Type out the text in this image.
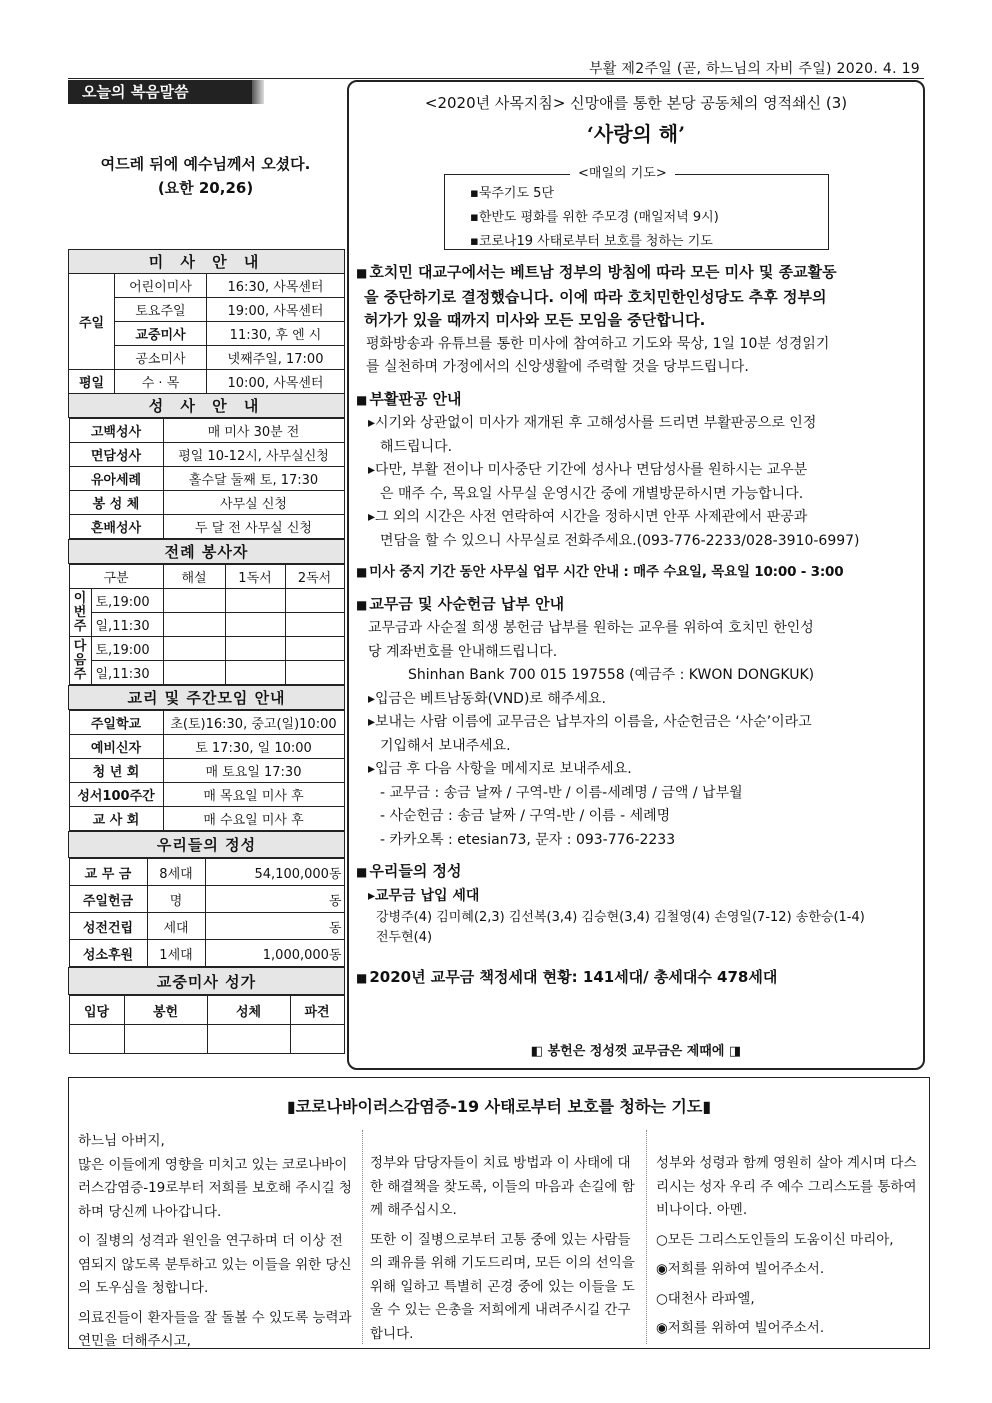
부활 제2주일 (곧, 하느님의 자비 주일) 2020. 4. 19
오늘의 복음말씀
여드레 뒤에 예수님께서 오셨다.
(요한 20,26)
미 사 안 내
주일	어린이미사	16:30, 사목센터
토요주일	19:00, 사목센터
교중미사	11:30, 후 엔 시
공소미사	넷째주일, 17:00
평일	수 · 목	10:00, 사목센터
성 사 안 내

고백성사	매 미사 30분 전
면담성사	평일 10-12시, 사무실신청
유아세례	홀수달 둘째 토, 17:30
봉 성 체	사무실 신청
혼배성사	두 달 전 사무실 신청

전례 봉사자

구분	해설	1독서	2독서
이번주	토,19:00			
일,11:30			
다음주	토,19:00			
일,11:30			

교리 및 주간모임 안내

주일학교	초(토)16:30, 중고(일)10:00
예비신자	토 17:30, 일 10:00
청 년 회	매 토요일 17:30
성서100주간	매 목요일 미사 후
교 사 회	매 수요일 미사 후

우리들의 정성

교 무 금	8세대	54,100,000동
주일헌금	명	동
성전건립	세대	동
성소후원	1세대	1,000,000동

교중미사 성가

입당	봉헌	성체	파견

<2020년 사목지침> 신망애를 통한 본당 공동체의 영적쇄신 (3)
‘사랑의 해’
<매일의 기도>
▪묵주기도 5단
▪한반도 평화를 위한 주모경 (매일저녁 9시)
▪코로나19 사태로부터 보호를 청하는 기도

■ 호치민 대교구에서는 베트남 정부의 방침에 따라 모든 미사 및 종교활동

을 중단하기로 결정했습니다. 이에 따라 호치민한인성당도 추후 정부의

허가가 있을 때까지 미사와 모든 모임을 중단합니다.

평화방송과 유튜브를 통한 미사에 참여하고 기도와 묵상, 1일 10분 성경읽기

를 실천하며 가정에서의 신앙생활에 주력할 것을 당부드립니다.

■ 부활판공 안내

▸ 시기와 상관없이 미사가 재개된 후 고해성사를 드리면 부활판공으로 인정

해드립니다.

▸ 다만, 부활 전이나 미사중단 기간에 성사나 면담성사를 원하시는 교우분

은 매주 수, 목요일 사무실 운영시간 중에 개별방문하시면 가능합니다.

▸ 그 외의 시간은 사전 연락하여 시간을 정하시면 안푸 사제관에서 판공과

면담을 할 수 있으니 사무실로 전화주세요.(093-776-2233/028-3910-6997)

■ 미사 중지 기간 동안 사무실 업무 시간 안내 : 매주 수요일, 목요일 10:00 - 3:00

■ 교무금 및 사순헌금 납부 안내

교무금과 사순절 희생 봉헌금 납부를 원하는 교우를 위하여 호치민 한인성

당 계좌번호를 안내해드립니다.

Shinhan Bank 700 015 197558 (예금주 : KWON DONGKUK)

▸ 입금은 베트남동화(VND)로 해주세요.

▸ 보내는 사람 이름에 교무금은 납부자의 이름을, 사순헌금은 ‘사순’이라고

기입해서 보내주세요.

▸ 입금 후 다음 사항을 메세지로 보내주세요.

- 교무금 : 송금 날짜 / 구역-반 / 이름-세례명 / 금액 / 납부월

- 사순헌금 : 송금 날짜 / 구역-반 / 이름 - 세례명

- 카카오톡 : etesian73, 문자 : 093-776-2233

■ 우리들의 정성

▸ 교무금 납입 세대

강병주(4) 김미혜(2,3) 김선복(3,4) 김승현(3,4) 김철영(4) 손영일(7-12) 송한승(1-4)

전두현(4)

■ 2020년 교무금 책정세대 현황: 141세대/ 총세대수 478세대

◧ 봉헌은 정성껏 교무금은 제때에 ◨
▮코로나바이러스감염증-19 사태로부터 보호를 청하는 기도▮

하느님 아버지,

많은 이들에게 영향을 미치고 있는 코로나바이러스감염증-19로부터 저희를 보호해 주시길 청하며 당신께 나아갑니다.

이 질병의 성격과 원인을 연구하며 더 이상 전염되지 않도록 분투하고 있는 이들을 위한 당신의 도우심을 청합니다.

의료진들이 환자들을 잘 돌볼 수 있도록 능력과 연민을 더해주시고,

정부와 담당자들이 치료 방법과 이 사태에 대한 해결책을 찾도록, 이들의 마음과 손길에 함께 해주십시오.

또한 이 질병으로부터 고통 중에 있는 사람들의 쾌유를 위해 기도드리며, 모든 이의 선익을 위해 일하고 특별히 곤경 중에 있는 이들을 도울 수 있는 은총을 저희에게 내려주시길 간구합니다.

성부와 성령과 함께 영원히 살아 계시며 다스리시는 성자 우리 주 예수 그리스도를 통하여 비나이다. 아멘.

○모든 그리스도인들의 도움이신 마리아,

◉저희를 위하여 빌어주소서.

○대천사 라파엘,

◉저희를 위하여 빌어주소서.
